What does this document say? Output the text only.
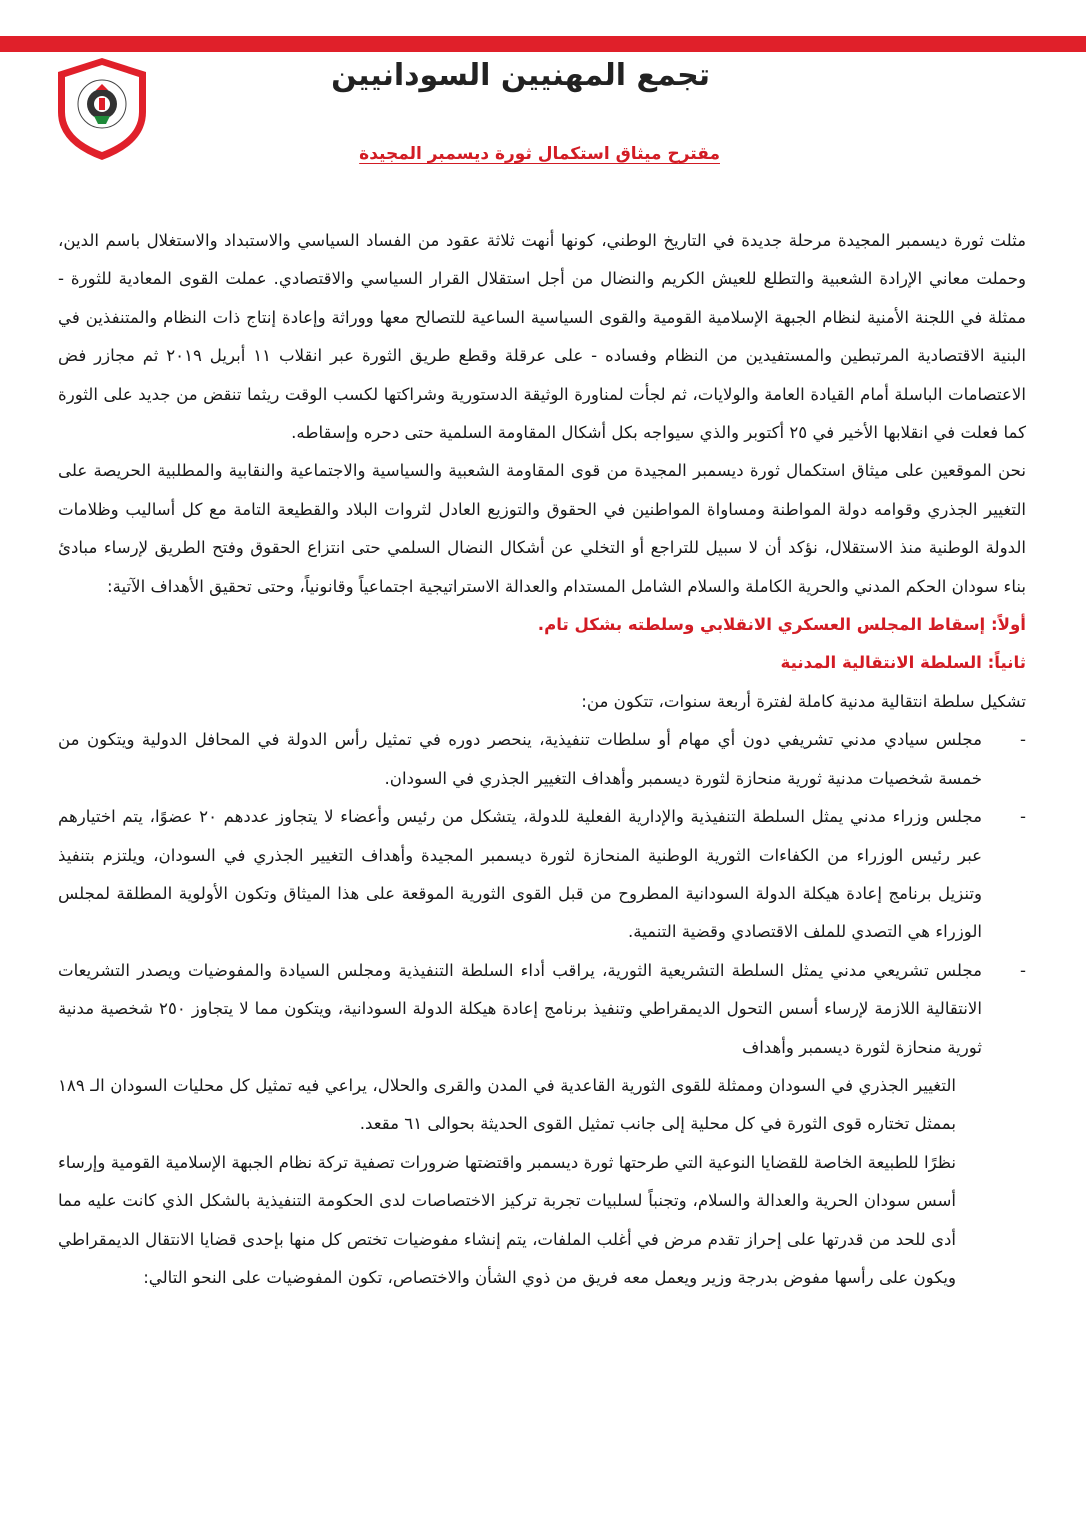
تجمع المهنيين السودانيين
مقترح ميثاق استكمال ثورة ديسمبر المجيدة

مثلت ثورة ديسمبر المجيدة مرحلة جديدة في التاريخ الوطني، كونها أنهت ثلاثة عقود من الفساد السياسي والاستبداد والاستغلال باسم الدين، وحملت معاني الإرادة الشعبية والتطلع للعيش الكريم والنضال من أجل استقلال القرار السياسي والاقتصادي. عملت القوى المعادية للثورة - ممثلة في اللجنة الأمنية لنظام الجبهة الإسلامية القومية والقوى السياسية الساعية للتصالح معها ووراثة وإعادة إنتاج ذات النظام والمتنفذين في البنية الاقتصادية المرتبطين والمستفيدين من النظام وفساده - على عرقلة وقطع طريق الثورة عبر انقلاب ١١ أبريل ٢٠١٩ ثم مجازر فض الاعتصامات الباسلة أمام القيادة العامة والولايات، ثم لجأت لمناورة الوثيقة الدستورية وشراكتها لكسب الوقت ريثما تنقض من جديد على الثورة كما فعلت في انقلابها الأخير في ٢٥ أكتوبر والذي سيواجه بكل أشكال المقاومة السلمية حتى دحره وإسقاطه.

نحن الموقعين على ميثاق استكمال ثورة ديسمبر المجيدة من قوى المقاومة الشعبية والسياسية والاجتماعية والنقابية والمطلبية الحريصة على التغيير الجذري وقوامه دولة المواطنة ومساواة المواطنين في الحقوق والتوزيع العادل لثروات البلاد والقطيعة التامة مع كل أساليب وظلامات الدولة الوطنية منذ الاستقلال، نؤكد أن لا سبيل للتراجع أو التخلي عن أشكال النضال السلمي حتى انتزاع الحقوق وفتح الطريق لإرساء مبادئ بناء سودان الحكم المدني والحرية الكاملة والسلام الشامل المستدام والعدالة الاستراتيجية اجتماعياً وقانونياً، وحتى تحقيق الأهداف الآتية:

أولاً: إسقاط المجلس العسكري الانقلابي وسلطته بشكل تام.

ثانياً: السلطة الانتقالية المدنية

تشكيل سلطة انتقالية مدنية كاملة لفترة أربعة سنوات، تتكون من:

-
مجلس سيادي مدني تشريفي دون أي مهام أو سلطات تنفيذية، ينحصر دوره في تمثيل رأس الدولة في المحافل الدولية ويتكون من خمسة شخصيات مدنية ثورية منحازة لثورة ديسمبر وأهداف التغيير الجذري في السودان.
-
مجلس وزراء مدني يمثل السلطة التنفيذية والإدارية الفعلية للدولة، يتشكل من رئيس وأعضاء لا يتجاوز عددهم ٢٠ عضوًا، يتم اختيارهم عبر رئيس الوزراء من الكفاءات الثورية الوطنية المنحازة لثورة ديسمبر المجيدة وأهداف التغيير الجذري في السودان، ويلتزم بتنفيذ وتنزيل برنامج إعادة هيكلة الدولة السودانية المطروح من قبل القوى الثورية الموقعة على هذا الميثاق وتكون الأولوية المطلقة لمجلس الوزراء هي التصدي للملف الاقتصادي وقضية التنمية.
-
مجلس تشريعي مدني يمثل السلطة التشريعية الثورية، يراقب أداء السلطة التنفيذية ومجلس السيادة والمفوضيات ويصدر التشريعات الانتقالية اللازمة لإرساء أسس التحول الديمقراطي وتنفيذ برنامج إعادة هيكلة الدولة السودانية، ويتكون مما لا يتجاوز ٢٥٠ شخصية مدنية ثورية منحازة لثورة ديسمبر وأهداف

التغيير الجذري في السودان وممثلة للقوى الثورية القاعدية في المدن والقرى والحلال، يراعي فيه تمثيل كل محليات السودان الـ ١٨٩ بممثل تختاره قوى الثورة في كل محلية إلى جانب تمثيل القوى الحديثة بحوالى ٦١ مقعد.

نظرًا للطبيعة الخاصة للقضايا النوعية التي طرحتها ثورة ديسمبر واقتضتها ضرورات تصفية تركة نظام الجبهة الإسلامية القومية وإرساء أسس سودان الحرية والعدالة والسلام، وتجنباً لسلبيات تجربة تركيز الاختصاصات لدى الحكومة التنفيذية بالشكل الذي كانت عليه مما أدى للحد من قدرتها على إحراز تقدم مرض في أغلب الملفات، يتم إنشاء مفوضيات تختص كل منها بإحدى قضايا الانتقال الديمقراطي ويكون على رأسها مفوض بدرجة وزير ويعمل معه فريق من ذوي الشأن والاختصاص، تكون المفوضيات على النحو التالي:
